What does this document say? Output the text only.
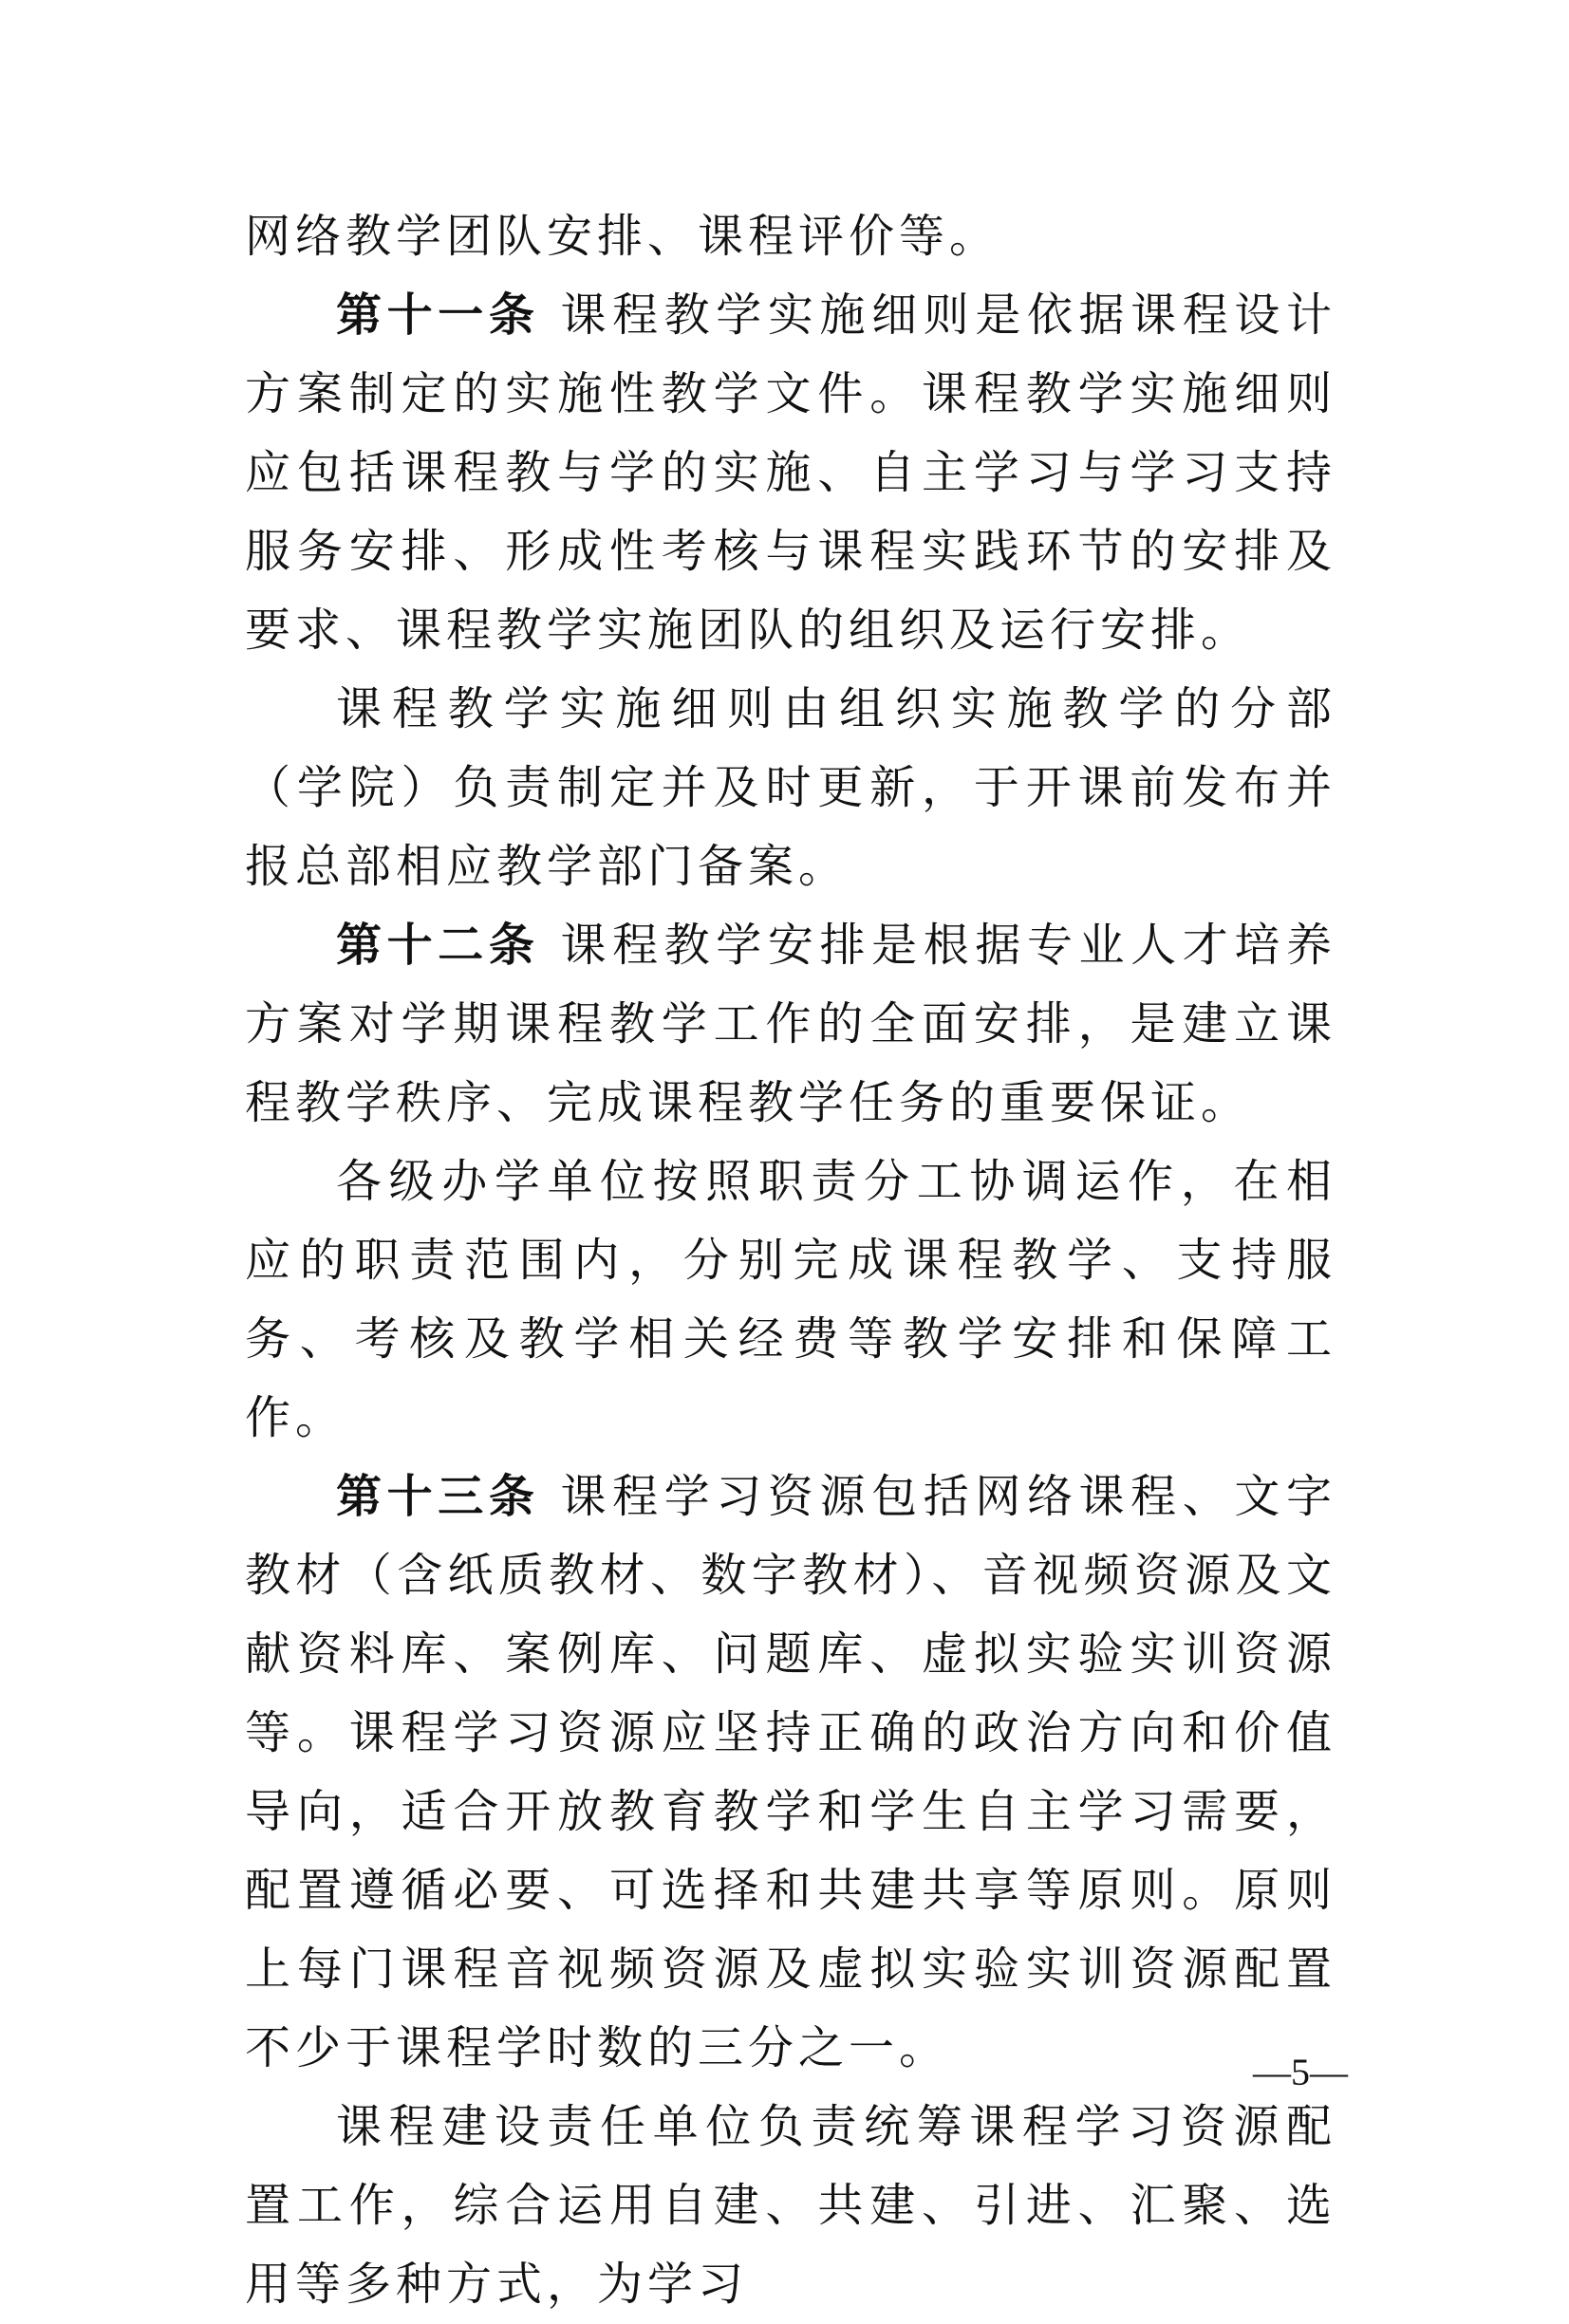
网络教学团队安排、课程评价等。

第十一条 课程教学实施细则是依据课程设计方案制定的实施性教学文件。课程教学实施细则应包括课程教与学的实施、自主学习与学习支持服务安排、形成性考核与课程实践环节的安排及要求、课程教学实施团队的组织及运行安排。

课程教学实施细则由组织实施教学的分部（学院）负责制定并及时更新，于开课前发布并报总部相应教学部门备案。

第十二条 课程教学安排是根据专业人才培养方案对学期课程教学工作的全面安排，是建立课程教学秩序、完成课程教学任务的重要保证。

各级办学单位按照职责分工协调运作，在相应的职责范围内，分别完成课程教学、支持服务、考核及教学相关经费等教学安排和保障工作。

第十三条 课程学习资源包括网络课程、文字教材（含纸质教材、数字教材）、音视频资源及文献资料库、案例库、问题库、虚拟实验实训资源等。课程学习资源应坚持正确的政治方向和价值导向，适合开放教育教学和学生自主学习需要，配置遵循必要、可选择和共建共享等原则。原则上每门课程音视频资源及虚拟实验实训资源配置不少于课程学时数的三分之一。

课程建设责任单位负责统筹课程学习资源配置工作，综合运用自建、共建、引进、汇聚、选用等多种方式，为学习

—5—
